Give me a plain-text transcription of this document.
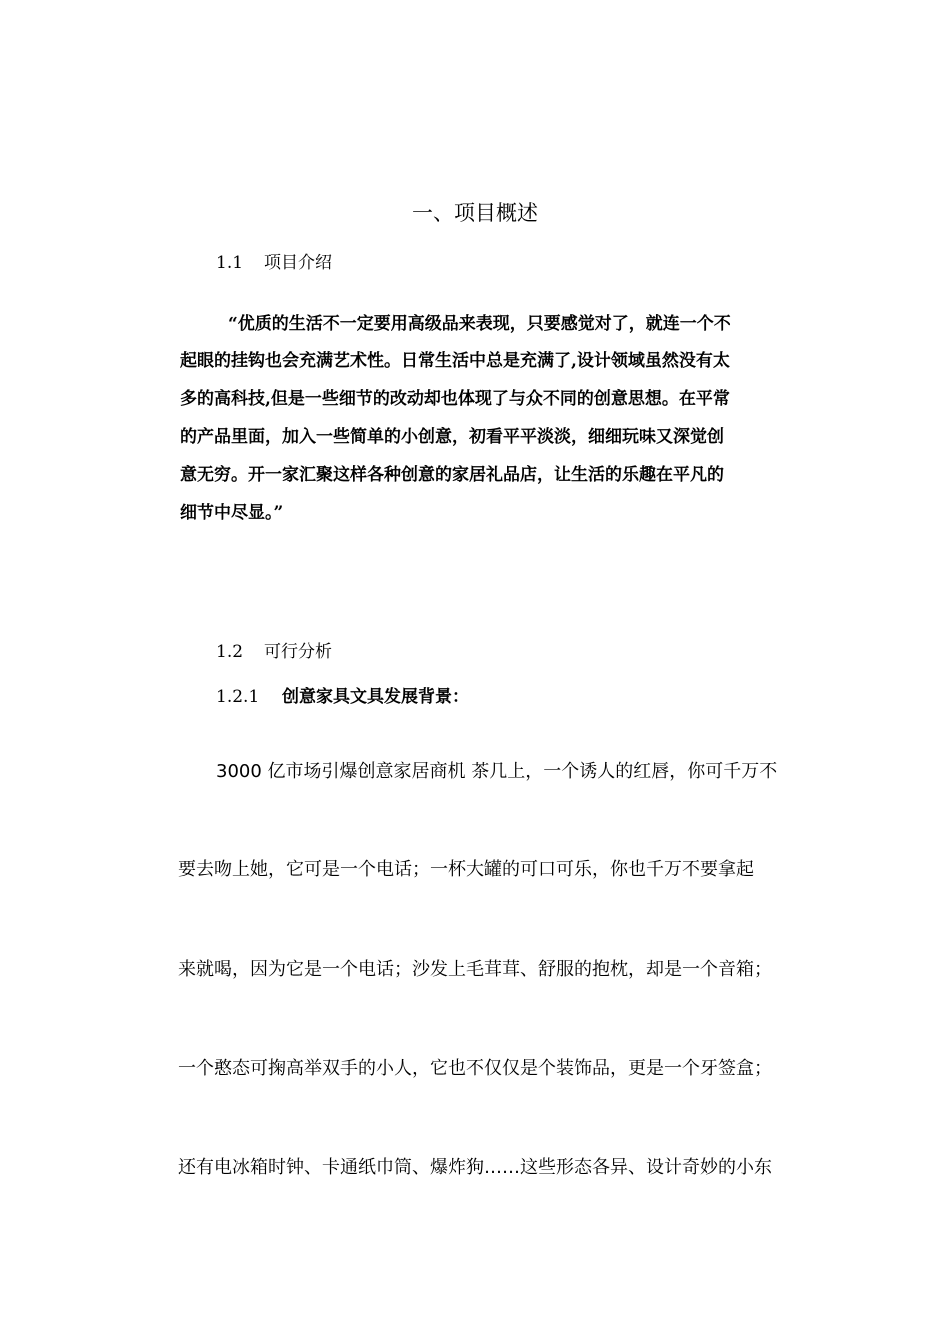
一、项目概述
1.1 项目介绍
“优质的生活不一定要用高级品来表现，只要感觉对了，就连一个不
起眼的挂钩也会充满艺术性。日常生活中总是充满了,设计领域虽然没有太
多的高科技,但是一些细节的改动却也体现了与众不同的创意思想。在平常
的产品里面，加入一些简单的小创意，初看平平淡淡，细细玩味又深觉创
意无穷。开一家汇聚这样各种创意的家居礼品店，让生活的乐趣在平凡的
细节中尽显。”
1.2 可行分析
1.2.1 创意家具文具发展背景：
3000 亿市场引爆创意家居商机 茶几上，一个诱人的红唇，你可千万不
要去吻上她，它可是一个电话；一杯大罐的可口可乐，你也千万不要拿起
来就喝，因为它是一个电话；沙发上毛茸茸、舒服的抱枕，却是一个音箱；
一个憨态可掬高举双手的小人，它也不仅仅是个装饰品，更是一个牙签盒；
还有电冰箱时钟、卡通纸巾筒、爆炸狗……这些形态各异、设计奇妙的小东
